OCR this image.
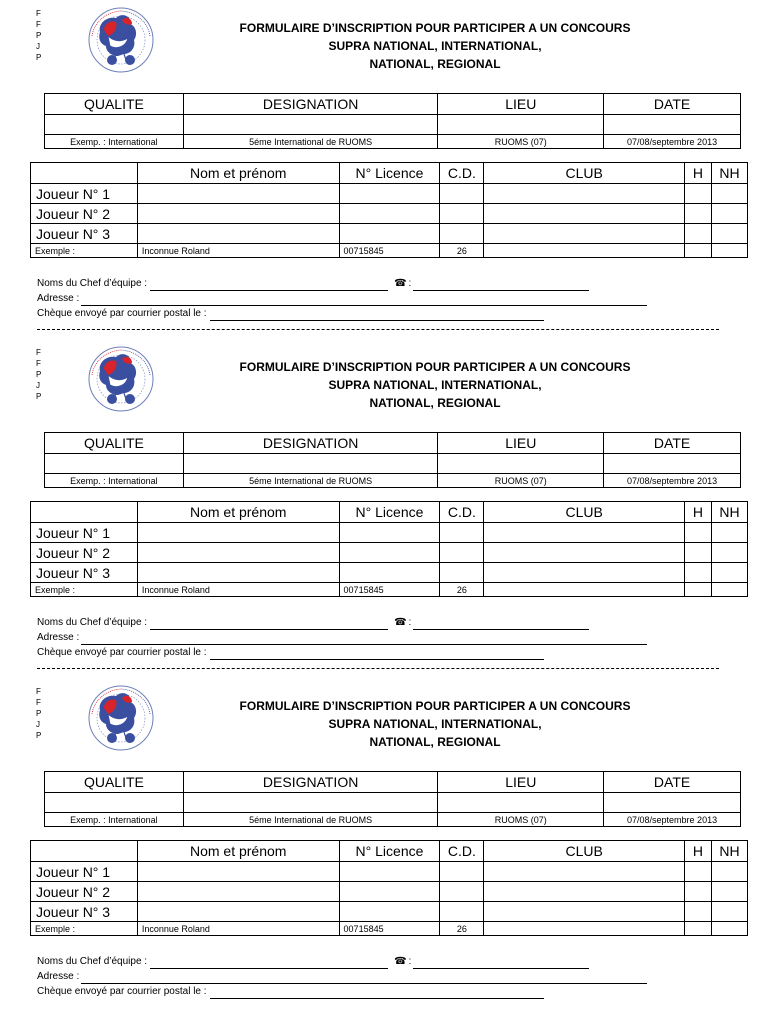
F
F
P
J
P
FORMULAIRE D’INSCRIPTION POUR PARTICIPER A UN CONCOURS
SUPRA NATIONAL, INTERNATIONAL,
NATIONAL, REGIONAL
QUALITE	DESIGNATION	LIEU	DATE

Exemp. : International	5éme International de RUOMS	RUOMS (07)	07/08/septembre 2013
	Nom et prénom	N° Licence	C.D.	CLUB	H	NH
Joueur N° 1						
Joueur N° 2						
Joueur N° 3						
Exemple :	Inconnue Roland	00715845	26			
Noms du Chef d’équipe :	☎ :
Adresse :
Chèque envoyé par courrier postal le :
F
F
P
J
P
FORMULAIRE D’INSCRIPTION POUR PARTICIPER A UN CONCOURS
SUPRA NATIONAL, INTERNATIONAL,
NATIONAL, REGIONAL
QUALITE	DESIGNATION	LIEU	DATE

Exemp. : International	5éme International de RUOMS	RUOMS (07)	07/08/septembre 2013
	Nom et prénom	N° Licence	C.D.	CLUB	H	NH
Joueur N° 1						
Joueur N° 2						
Joueur N° 3						
Exemple :	Inconnue Roland	00715845	26			
Noms du Chef d’équipe :	☎ :
Adresse :
Chèque envoyé par courrier postal le :
F
F
P
J
P
FORMULAIRE D’INSCRIPTION POUR PARTICIPER A UN CONCOURS
SUPRA NATIONAL, INTERNATIONAL,
NATIONAL, REGIONAL
QUALITE	DESIGNATION	LIEU	DATE

Exemp. : International	5éme International de RUOMS	RUOMS (07)	07/08/septembre 2013
	Nom et prénom	N° Licence	C.D.	CLUB	H	NH
Joueur N° 1						
Joueur N° 2						
Joueur N° 3						
Exemple :	Inconnue Roland	00715845	26			
Noms du Chef d’équipe :	☎ :
Adresse :
Chèque envoyé par courrier postal le :
